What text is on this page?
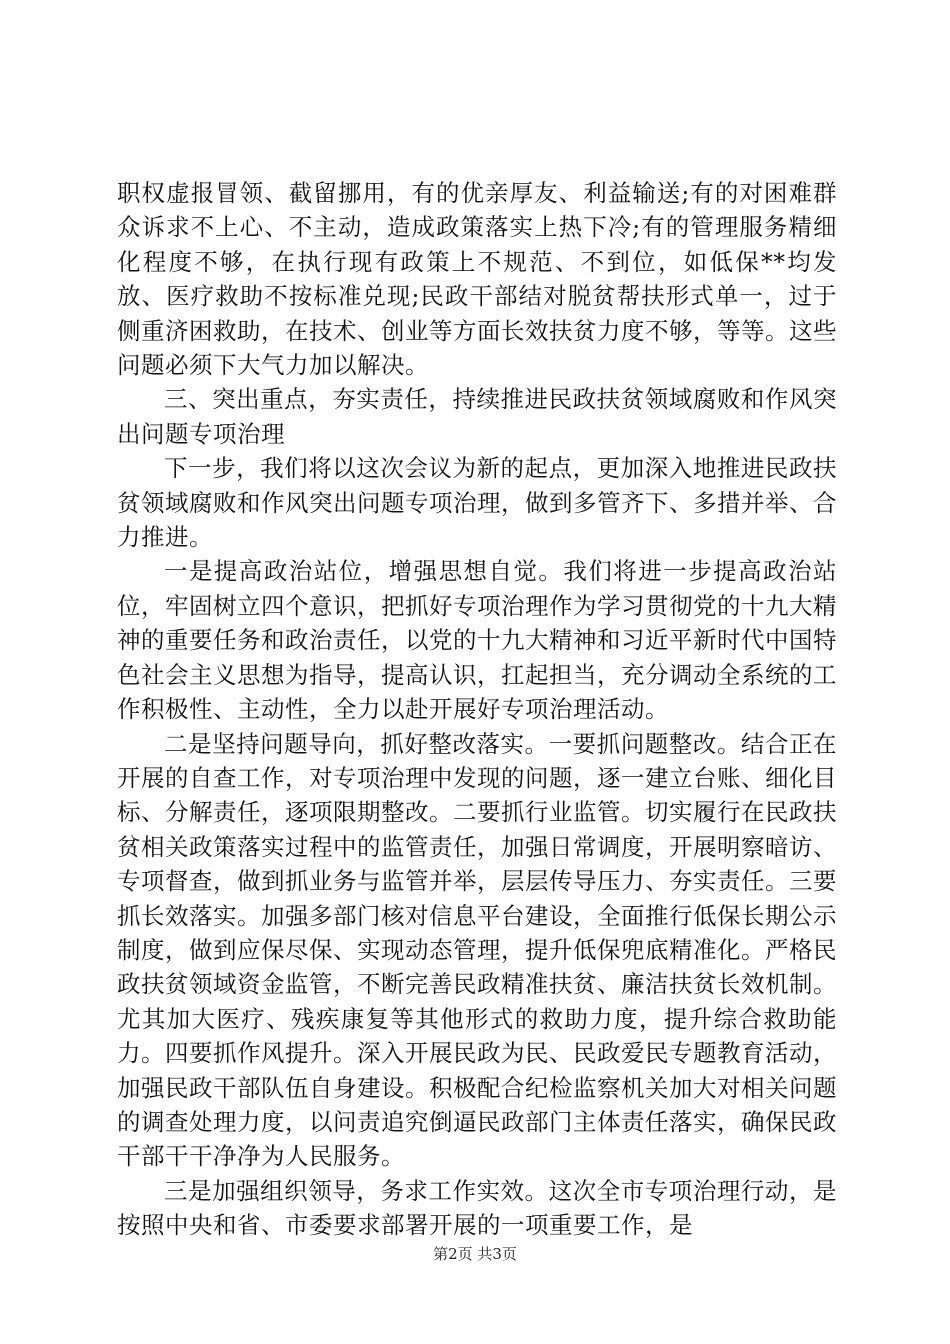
职权虚报冒领、截留挪用，有的优亲厚友、利益输送;有的对困难群众诉求不上心、不主动，造成政策落实上热下冷;有的管理服务精细化程度不够，在执行现有政策上不规范、不到位，如低保**均发放、医疗救助不按标准兑现;民政干部结对脱贫帮扶形式单一，过于侧重济困救助，在技术、创业等方面长效扶贫力度不够，等等。这些问题必须下大气力加以解决。

三、突出重点，夯实责任，持续推进民政扶贫领域腐败和作风突出问题专项治理

下一步，我们将以这次会议为新的起点，更加深入地推进民政扶贫领域腐败和作风突出问题专项治理，做到多管齐下、多措并举、合力推进。

一是提高政治站位，增强思想自觉。我们将进一步提高政治站位，牢固树立四个意识，把抓好专项治理作为学习贯彻党的十九大精神的重要任务和政治责任，以党的十九大精神和习近平新时代中国特色社会主义思想为指导，提高认识，扛起担当，充分调动全系统的工作积极性、主动性，全力以赴开展好专项治理活动。

二是坚持问题导向，抓好整改落实。一要抓问题整改。结合正在开展的自查工作，对专项治理中发现的问题，逐一建立台账、细化目标、分解责任，逐项限期整改。二要抓行业监管。切实履行在民政扶贫相关政策落实过程中的监管责任，加强日常调度，开展明察暗访、专项督查，做到抓业务与监管并举，层层传导压力、夯实责任。三要抓长效落实。加强多部门核对信息平台建设，全面推行低保长期公示制度，做到应保尽保、实现动态管理，提升低保兜底精准化。严格民政扶贫领域资金监管，不断完善民政精准扶贫、廉洁扶贫长效机制。尤其加大医疗、残疾康复等其他形式的救助力度，提升综合救助能力。四要抓作风提升。深入开展民政为民、民政爱民专题教育活动，加强民政干部队伍自身建设。积极配合纪检监察机关加大对相关问题的调查处理力度，以问责追究倒逼民政部门主体责任落实，确保民政干部干干净净为人民服务。

三是加强组织领导，务求工作实效。这次全市专项治理行动，是按照中央和省、市委要求部署开展的一项重要工作，是

第2页 共3页
